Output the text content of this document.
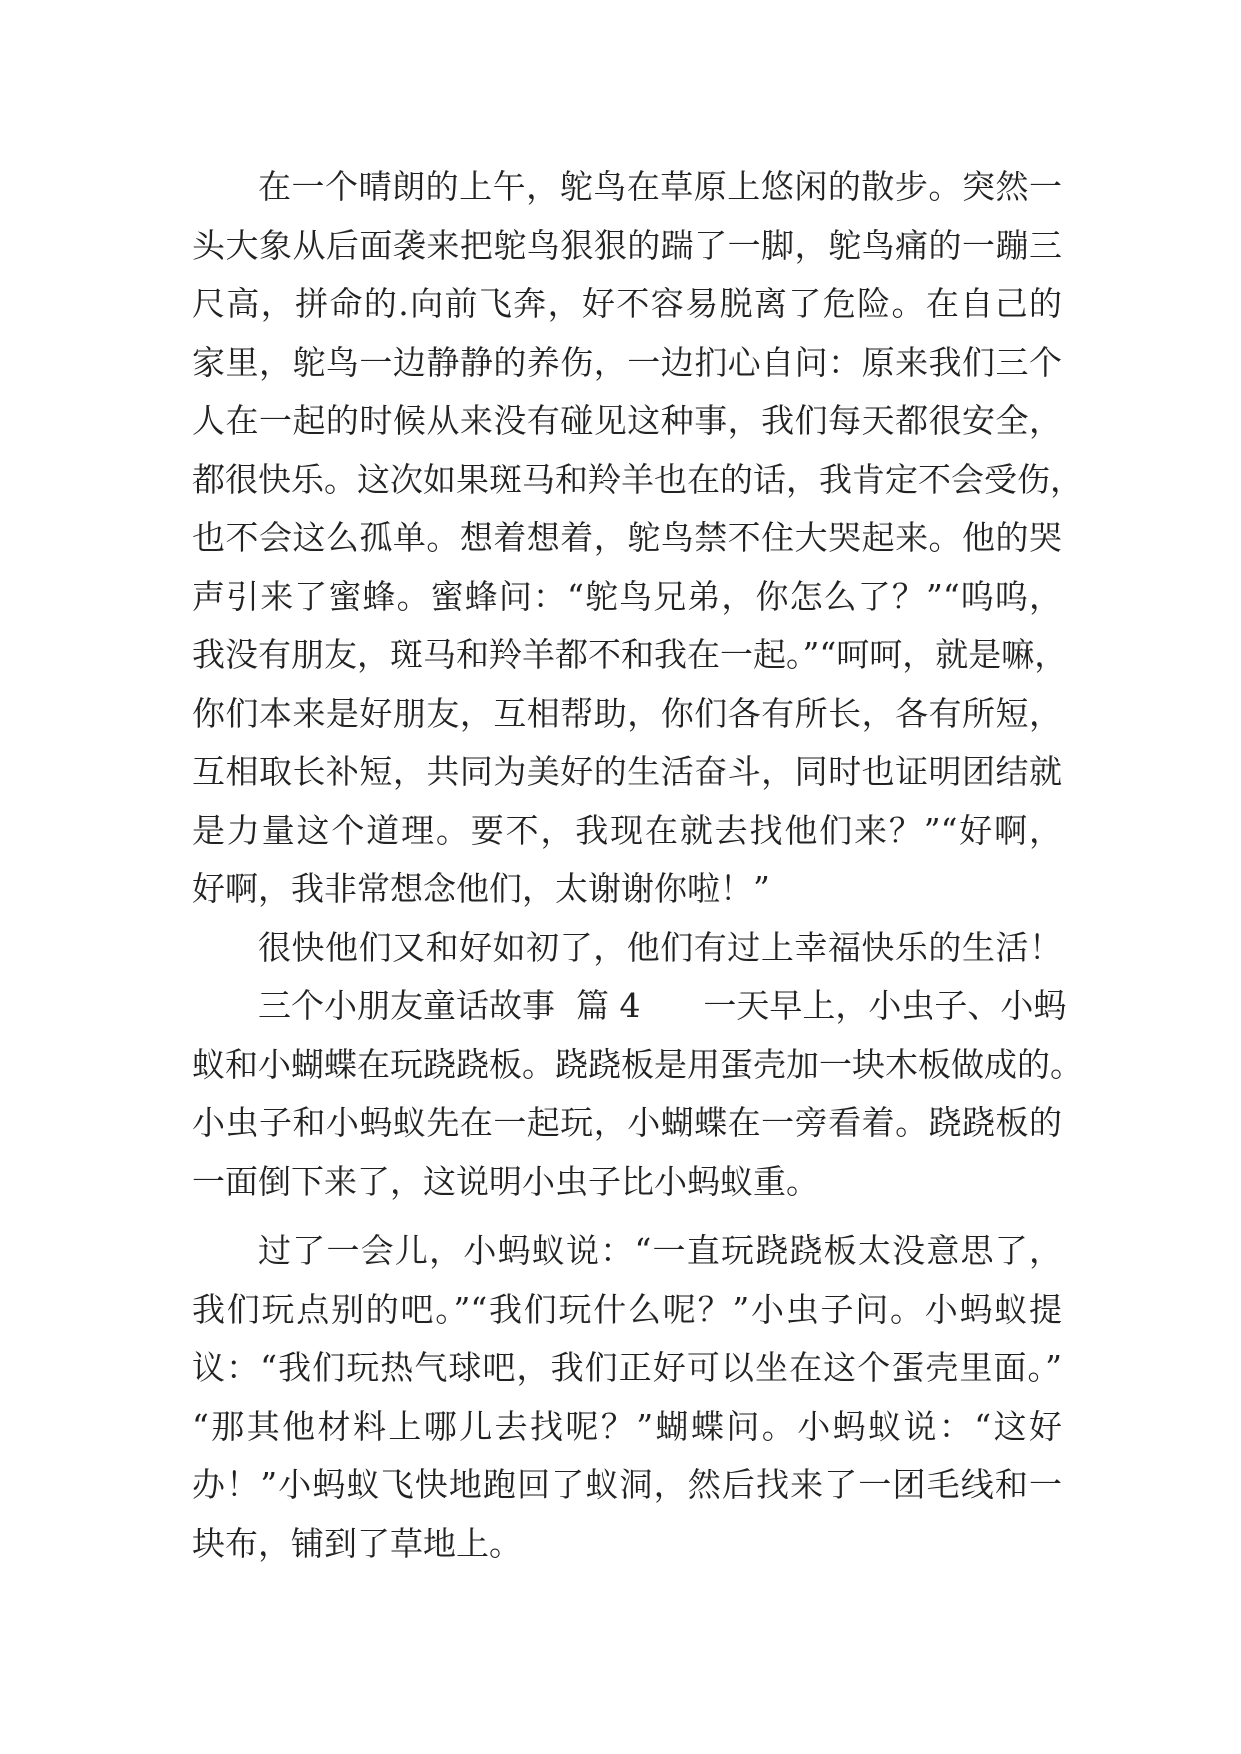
在一个晴朗的上午，鸵鸟在草原上悠闲的散步。突然一
头大象从后面袭来把鸵鸟狠狠的踹了一脚，鸵鸟痛的一蹦三
尺高，拼命的.向前飞奔，好不容易脱离了危险。在自己的
家里，鸵鸟一边静静的养伤，一边扪心自问：原来我们三个
人在一起的时候从来没有碰见这种事，我们每天都很安全，
都很快乐。这次如果斑马和羚羊也在的话，我肯定不会受伤，
也不会这么孤单。想着想着，鸵鸟禁不住大哭起来。他的哭
声引来了蜜蜂。蜜蜂问：“鸵鸟兄弟，你怎么了？”“呜呜，
我没有朋友，斑马和羚羊都不和我在一起。”“呵呵，就是嘛，
你们本来是好朋友，互相帮助，你们各有所长，各有所短，
互相取长补短，共同为美好的生活奋斗，同时也证明团结就
是力量这个道理。要不，我现在就去找他们来？”“好啊，
好啊，我非常想念他们，太谢谢你啦！”
很快他们又和好如初了，他们有过上幸福快乐的生活！
三个小朋友童话故事  篇 4      一天早上，小虫子、小蚂
蚁和小蝴蝶在玩跷跷板。跷跷板是用蛋壳加一块木板做成的。
小虫子和小蚂蚁先在一起玩，小蝴蝶在一旁看着。跷跷板的
一面倒下来了，这说明小虫子比小蚂蚁重。
过了一会儿，小蚂蚁说：“一直玩跷跷板太没意思了，
我们玩点别的吧。”“我们玩什么呢？”小虫子问。小蚂蚁提
议：“我们玩热气球吧，我们正好可以坐在这个蛋壳里面。”
“那其他材料上哪儿去找呢？”蝴蝶问。小蚂蚁说：“这好
办！”小蚂蚁飞快地跑回了蚁洞，然后找来了一团毛线和一
块布，铺到了草地上。
